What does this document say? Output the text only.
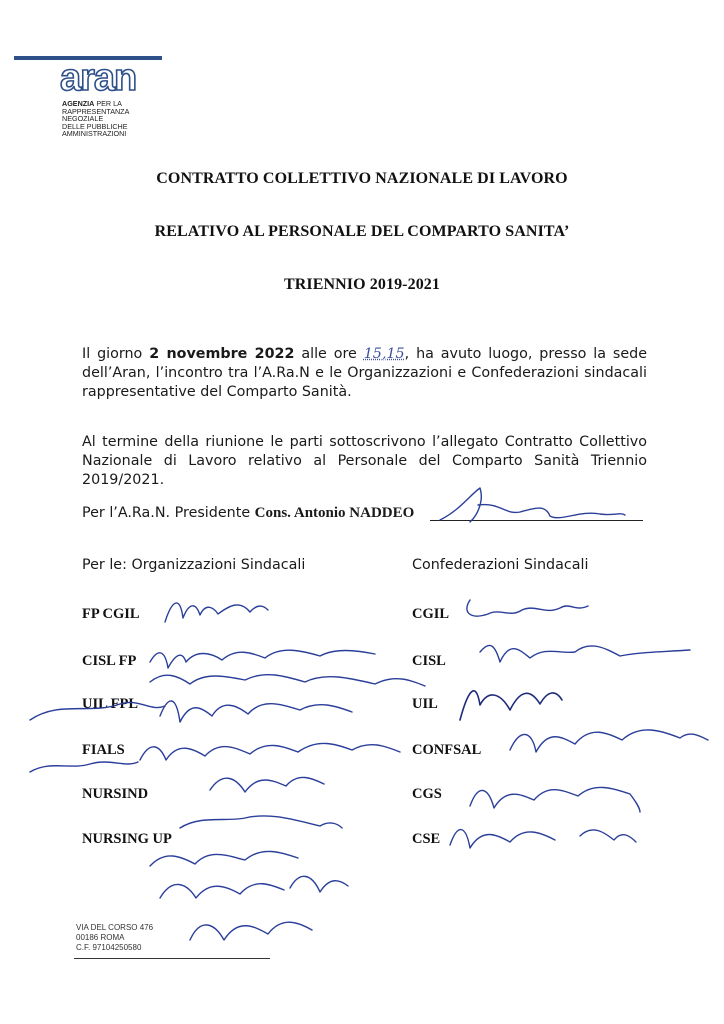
aran
AGENZIA PER LA
RAPPRESENTANZA
NEGOZIALE
DELLE PUBBLICHE
AMMINISTRAZIONI
CONTRATTO COLLETTIVO NAZIONALE DI LAVORO
RELATIVO AL PERSONALE DEL COMPARTO SANITA’
TRIENNIO 2019-2021
Il giorno 2 novembre 2022 alle ore 15,15, ha avuto luogo, presso la sede dell’Aran, l’incontro tra l’A.Ra.N e le Organizzazioni e Confederazioni sindacali rappresentative del Comparto Sanità.
Al termine della riunione le parti sottoscrivono l’allegato Contratto Collettivo Nazionale di Lavoro relativo al Personale del Comparto Sanità Triennio 2019/2021.
Per l’A.Ra.N. Presidente Cons. Antonio NADDEO
Per le: Organizzazioni Sindacali	Confederazioni Sindacali
FP CGIL
CISL FP
UIL FPL
FIALS
NURSIND
NURSING UP
CGIL
CISL
UIL
CONFSAL
CGS
CSE
VIA DEL CORSO 476
00186 ROMA
C.F. 97104250580
